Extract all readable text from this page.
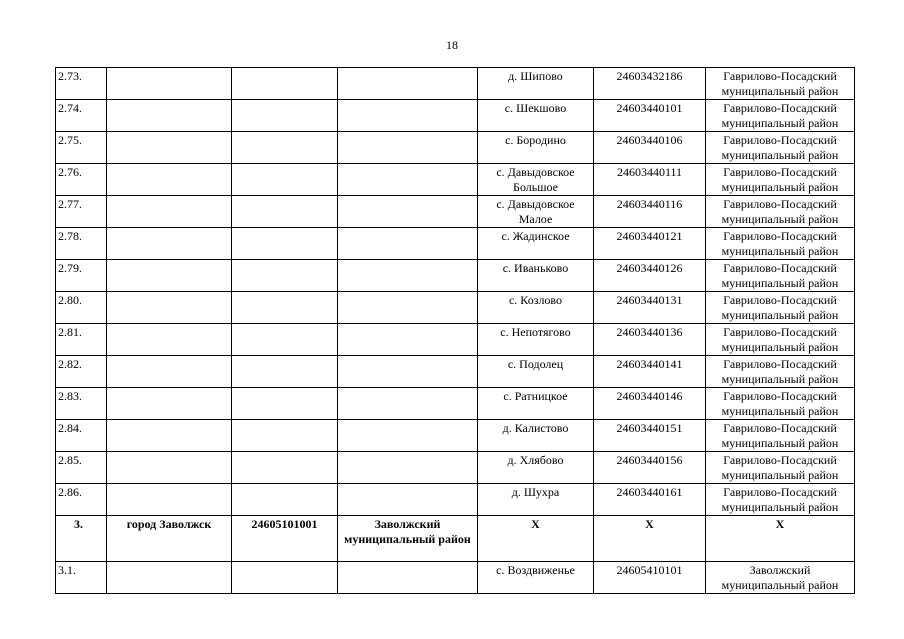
18
2.73.				д. Шипово	24603432186	Гаврилово-Посадский муниципальный район
2.74.				с. Шекшово	24603440101	Гаврилово-Посадский муниципальный район
2.75.				с. Бородино	24603440106	Гаврилово-Посадский муниципальный район
2.76.				с. Давыдовское Большое	24603440111	Гаврилово-Посадский муниципальный район
2.77.				с. Давыдовское Малое	24603440116	Гаврилово-Посадский муниципальный район
2.78.				с. Жадинское	24603440121	Гаврилово-Посадский муниципальный район
2.79.				с. Иваньково	24603440126	Гаврилово-Посадский муниципальный район
2.80.				с. Козлово	24603440131	Гаврилово-Посадский муниципальный район
2.81.				с. Непотягово	24603440136	Гаврилово-Посадский муниципальный район
2.82.				с. Подолец	24603440141	Гаврилово-Посадский муниципальный район
2.83.				с. Ратницкое	24603440146	Гаврилово-Посадский муниципальный район
2.84.				д. Калистово	24603440151	Гаврилово-Посадский муниципальный район
2.85.				д. Хлябово	24603440156	Гаврилово-Посадский муниципальный район
2.86.				д. Шухра	24603440161	Гаврилово-Посадский муниципальный район
3.	город Заволжск	24605101001	Заволжский муниципальный район	Х	Х	Х
3.1.				с. Воздвиженье	24605410101	Заволжский муниципальный район
